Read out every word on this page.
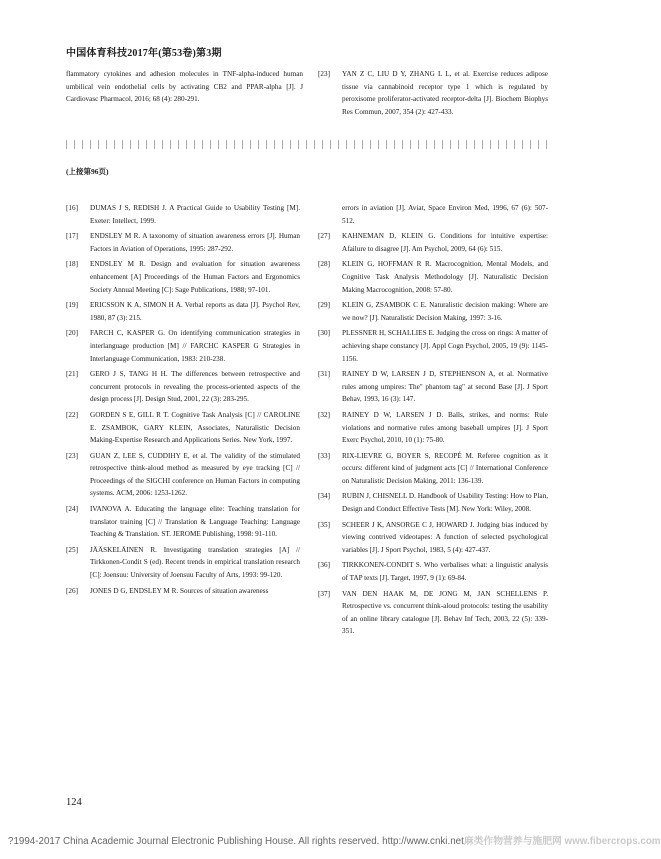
中国体育科技2017年(第53卷)第3期
flammatory cytokines and adhesion molecules in TNF-alpha-induced human umbilical vein endothelial cells by activating CB2 and PPAR-alpha [J]. J Cardiovasc Pharmacol, 2016; 68 (4): 280-291.
[23]	YAN Z C, LIU D Y, ZHANG L L, et al. Exercise reduces adipose tissue via cannabinoid receptor type 1 which is regulated by peroxisome proliferator-activated receptor-delta [J]. Biochem Biophys Res Commun, 2007, 354 (2): 427-433.
(上接第96页)
[16]	DUMAS J S, REDISH J. A Practical Guide to Usability Testing [M]. Exeter: Intellect, 1999.
[17]	ENDSLEY M R. A taxonomy of situation awareness errors [J]. Human Factors in Aviation of Operations, 1995: 287-292.
[18]	ENDSLEY M R. Design and evaluation for situation awareness enhancement [A] Proceedings of the Human Factors and Ergonomics Society Annual Meeting [C]: Sage Publications, 1988; 97-101.
[19]	ERICSSON K A, SIMON H A. Verbal reports as data [J]. Psychol Rev, 1980, 87 (3): 215.
[20]	FARCH C, KASPER G. On identifying communication strategies in interlanguage production [M] // FARCHC KASPER G Strategies in Interlanguage Communication, 1983: 210-238.
[21]	GERO J S, TANG H H. The differences between retrospective and concurrent protocols in revealing the process-oriented aspects of the design process [J]. Design Stud, 2001, 22 (3): 283-295.
[22]	GORDEN S E, GILL R T. Cognitive Task Analysis [C] // CAROLINE E. ZSAMBOK, GARY KLEIN, Associates, Naturalistic Decision Making-Expertise Research and Applications Series. New York, 1997.
[23]	GUAN Z, LEE S, CUDDIHY E, et al. The validity of the stimulated retrospective think-aloud method as measured by eye tracking [C] // Proceedings of the SIGCHI conference on Human Factors in computing systems. ACM, 2006: 1253-1262.
[24]	IVANOVA A. Educating the language elite: Teaching translation for translator training [C] // Translation & Language Teaching: Language Teaching & Translation. ST. JEROME Publishing, 1998: 91-110.
[25]	JÄÄSKELÄINEN R. Investigating translation strategies [A] // Tirkkonen-Condit S (ed). Recent trends in empirical translation research [C]: Joensuu: University of Joensuu Faculty of Arts, 1993: 99-120.
[26]	JONES D G, ENDSLEY M R. Sources of situation awareness
errors in aviation [J]. Aviat, Space Environ Med, 1996, 67 (6): 507-512.
[27]	KAHNEMAN D, KLEIN G. Conditions for intuitive expertise: Afailure to disagree [J]. Am Psychol, 2009, 64 (6): 515.
[28]	KLEIN G, HOFFMAN R R. Macrocognition, Mental Models, and Cognitive Task Analysis Methodology [J]. Naturalistic Decision Making Macrocognition, 2008: 57-80.
[29]	KLEIN G, ZSAMBOK C E. Naturalistic decision making: Where are we now? [J]. Naturalistic Decision Making, 1997: 3-16.
[30]	PLESSNER H, SCHALLIES E. Judging the cross on rings: A matter of achieving shape constancy [J]. Appl Cogn Psychol, 2005, 19 (9): 1145-1156.
[31]	RAINEY D W, LARSEN J D, STEPHENSON A, et al. Normative rules among umpires: The" phantom tag" at second Base [J]. J Sport Behav, 1993, 16 (3): 147.
[32]	RAINEY D W, LARSEN J D. Balls, strikes, and norms: Rule violations and normative rules among baseball umpires [J]. J Sport Exerc Psychol, 2010, 10 (1): 75-80.
[33]	RIX-LIEVRE G, BOYER S, RECOPÉ M. Referee cognition as it occurs: different kind of judgment acts [C] // International Conference on Naturalistic Decision Making, 2011: 136-139.
[34]	RUBIN J, CHISNELL D. Handbook of Usability Testing: How to Plan, Design and Conduct Effective Tests [M]. New York: Wiley, 2008.
[35]	SCHEER J K, ANSORGE C J, HOWARD J. Judging bias induced by viewing contrived videotapes: A function of selected psychological variables [J]. J Sport Psychol, 1983, 5 (4): 427-437.
[36]	TIRKKONEN-CONDIT S. Who verbalises what: a linguistic analysis of TAP texts [J]. Target, 1997, 9 (1): 69-84.
[37]	VAN DEN HAAK M, DE JONG M, JAN SCHELLENS P. Retrospective vs. concurrent think-aloud protocols: testing the usability of an online library catalogue [J]. Behav Inf Tech, 2003, 22 (5): 339-351.
124
?1994-2017 China Academic Journal Electronic Publishing House. All rights reserved. http://www.cnki.net麻类作物营养与施肥网 www.fibercrops.com
